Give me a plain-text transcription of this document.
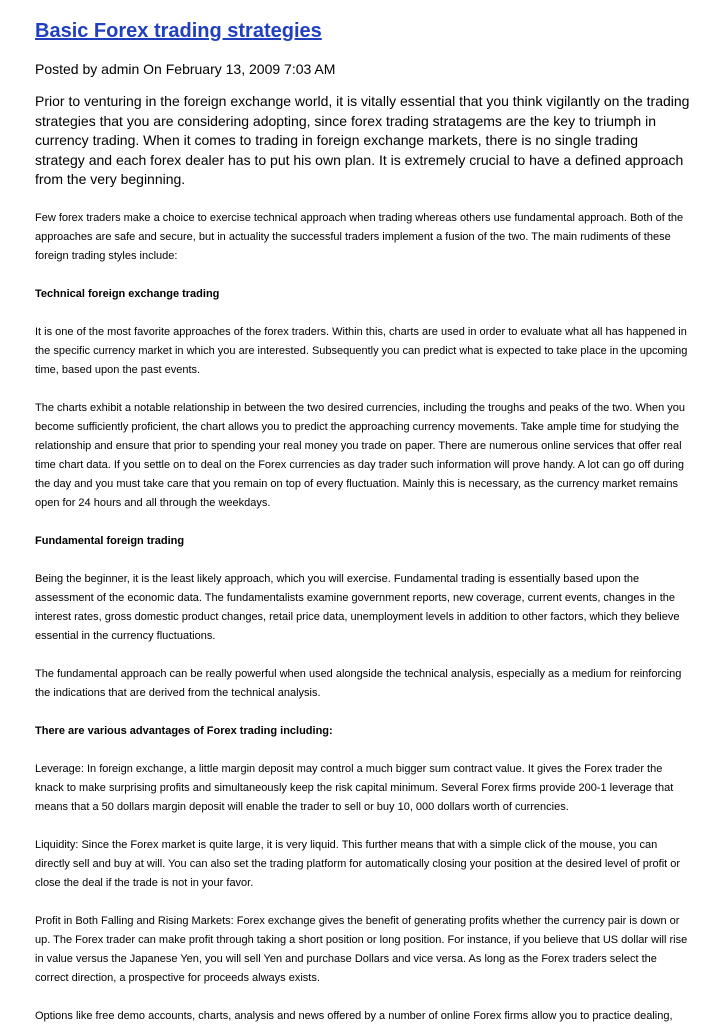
Basic Forex trading strategies

Posted by admin On February 13, 2009 7:03 AM

Prior to venturing in the foreign exchange world, it is vitally essential that you think vigilantly on the trading strategies that you are considering adopting, since forex trading stratagems are the key to triumph in currency trading. When it comes to trading in foreign exchange markets, there is no single trading strategy and each forex dealer has to put his own plan. It is extremely crucial to have a defined approach from the very beginning.

Few forex traders make a choice to exercise technical approach when trading whereas others use fundamental approach. Both of the approaches are safe and secure, but in actuality the successful traders implement a fusion of the two. The main rudiments of these foreign trading styles include:

Technical foreign exchange trading

It is one of the most favorite approaches of the forex traders. Within this, charts are used in order to evaluate what all has happened in the specific currency market in which you are interested. Subsequently you can predict what is expected to take place in the upcoming time, based upon the past events.

The charts exhibit a notable relationship in between the two desired currencies, including the troughs and peaks of the two. When you become sufficiently proficient, the chart allows you to predict the approaching currency movements. Take ample time for studying the relationship and ensure that prior to spending your real money you trade on paper. There are numerous online services that offer real time chart data. If you settle on to deal on the Forex currencies as day trader such information will prove handy. A lot can go off during the day and you must take care that you remain on top of every fluctuation. Mainly this is necessary, as the currency market remains open for 24 hours and all through the weekdays.

Fundamental foreign trading

Being the beginner, it is the least likely approach, which you will exercise. Fundamental trading is essentially based upon the assessment of the economic data. The fundamentalists examine government reports, new coverage, current events, changes in the interest rates, gross domestic product changes, retail price data, unemployment levels in addition to other factors, which they believe essential in the currency fluctuations.

The fundamental approach can be really powerful when used alongside the technical analysis, especially as a medium for reinforcing the indications that are derived from the technical analysis.

There are various advantages of Forex trading including:

Leverage: In foreign exchange, a little margin deposit may control a much bigger sum contract value. It gives the Forex trader the knack to make surprising profits and simultaneously keep the risk capital minimum. Several Forex firms provide 200-1 leverage that means that a 50 dollars margin deposit will enable the trader to sell or buy 10, 000 dollars worth of currencies.

Liquidity: Since the Forex market is quite large, it is very liquid. This further means that with a simple click of the mouse, you can directly sell and buy at will. You can also set the trading platform for automatically closing your position at the desired level of profit or close the deal if the trade is not in your favor.

Profit in Both Falling and Rising Markets: Forex exchange gives the benefit of generating profits whether the currency pair is down or up. The Forex trader can make profit through taking a short position or long position. For instance, if you believe that US dollar will rise in value versus the Japanese Yen, you will sell Yen and purchase Dollars and vice versa. As long as the Forex traders select the correct direction, a prospective for proceeds always exists.

Options like free demo accounts, charts, analysis and news offered by a number of online Forex firms allow you to practice dealing,
